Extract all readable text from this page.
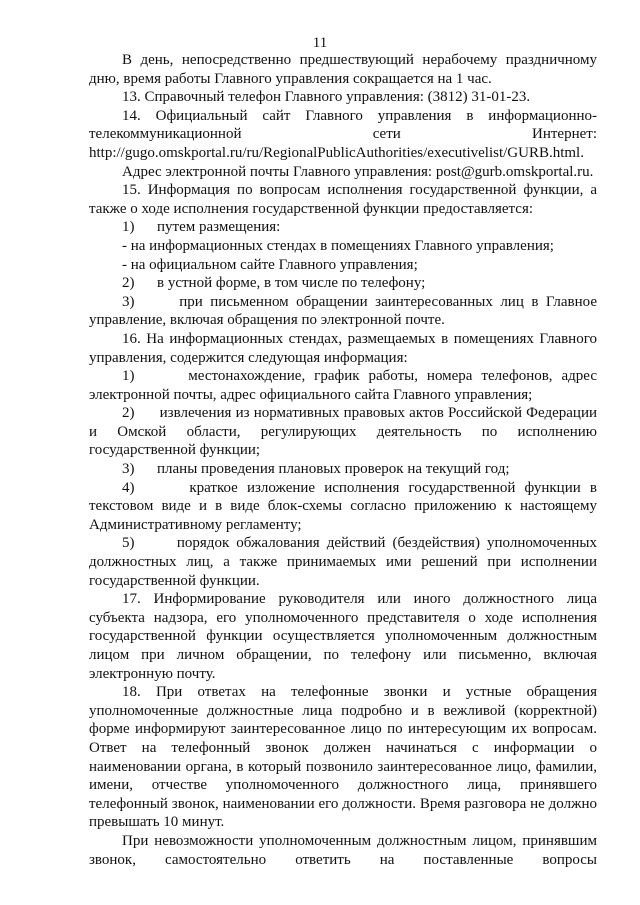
11

В день, непосредственно предшествующий нерабочему праздничному дню, время работы Главного управления сокращается на 1 час.

13. Справочный телефон Главного управления: (3812) 31-01-23.

14. Официальный сайт Главного управления в информационно-телекоммуникационной сети Интернет: http://gugo.omskportal.ru/ru/RegionalPublicAuthorities/executivelist/GURB.html.

Адрес электронной почты Главного управления: post@gurb.omskportal.ru.

15. Информация по вопросам исполнения государственной функции, а также о ходе исполнения государственной функции предоставляется:

1)      путем размещения:

- на информационных стендах в помещениях Главного управления;

- на официальном сайте Главного управления;

2)      в устной форме, в том числе по телефону;

3)      при письменном обращении заинтересованных лиц в Главное управление, включая обращения по электронной почте.

16. На информационных стендах, размещаемых в помещениях Главного управления, содержится следующая информация:

1)      местонахождение, график работы, номера телефонов, адрес электронной почты, адрес официального сайта Главного управления;

2)      извлечения из нормативных правовых актов Российской Федерации и Омской области, регулирующих деятельность по исполнению государственной функции;

3)      планы проведения плановых проверок на текущий год;

4)      краткое изложение исполнения государственной функции в текстовом виде и в виде блок-схемы согласно приложению к настоящему Административному регламенту;

5)      порядок обжалования действий (бездействия) уполномоченных должностных лиц, а также принимаемых ими решений при исполнении государственной функции.

17. Информирование руководителя или иного должностного лица субъекта надзора, его уполномоченного представителя о ходе исполнения государственной функции осуществляется уполномоченным должностным лицом при личном обращении, по телефону или письменно, включая электронную почту.

18. При ответах на телефонные звонки и устные обращения уполномоченные должностные лица подробно и в вежливой (корректной) форме информируют заинтересованное лицо по интересующим их вопросам. Ответ на телефонный звонок должен начинаться с информации о наименовании органа, в который позвонило заинтересованное лицо, фамилии, имени, отчестве уполномоченного должностного лица, принявшего телефонный звонок, наименовании его должности. Время разговора не должно превышать 10 минут.

При невозможности уполномоченным должностным лицом, принявшим звонок, самостоятельно ответить на поставленные вопросы
